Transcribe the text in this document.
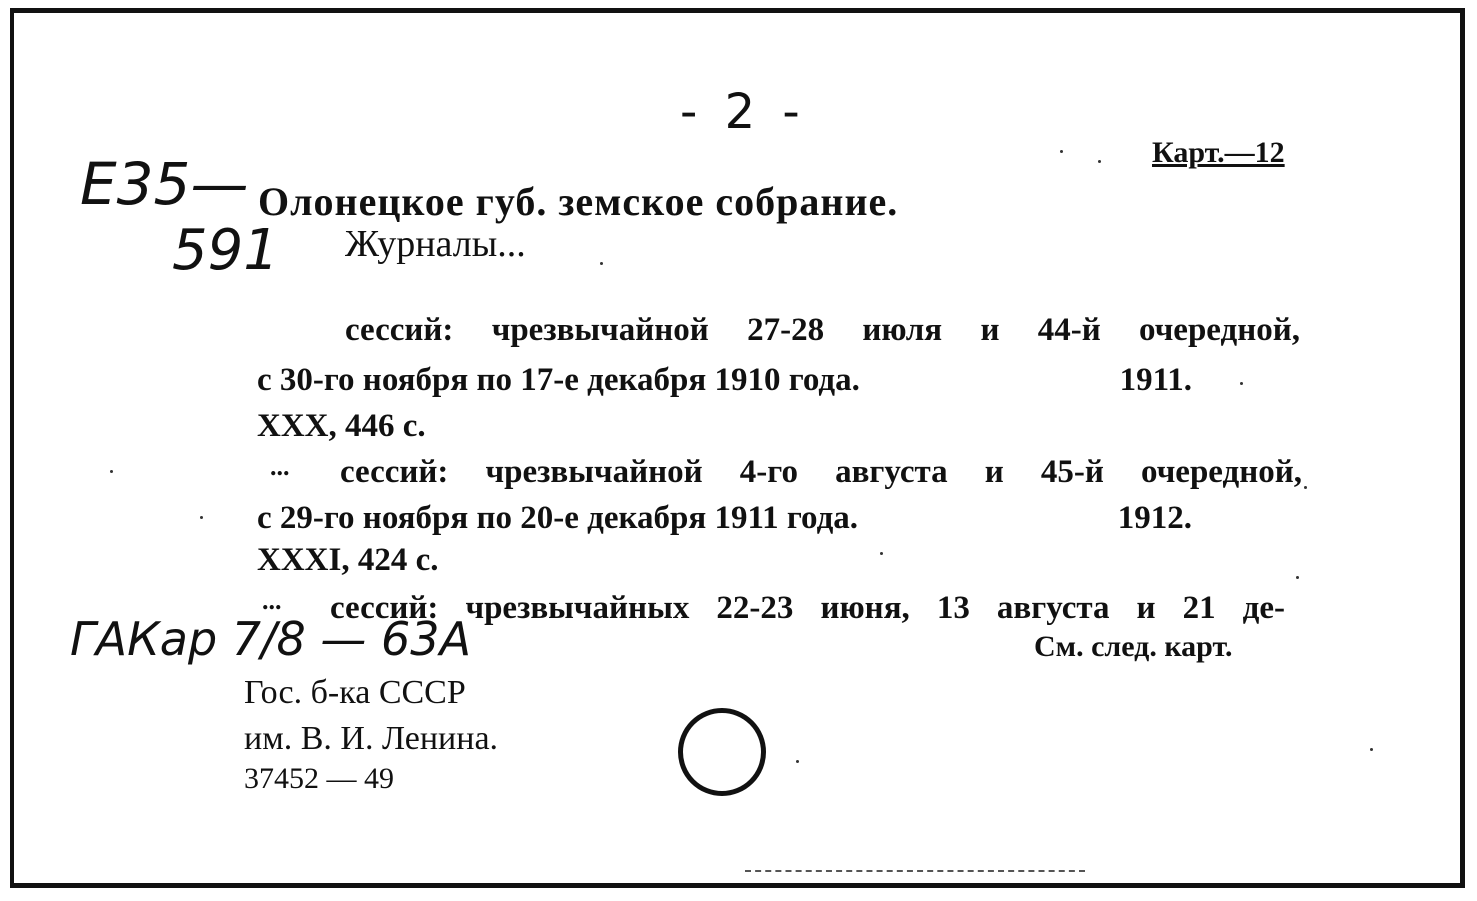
- 2 -
Карт.—12
Е35—
591
Олонецкое губ. земское собрание.
Журналы...
сессий: чрезвычайной 27-28 июля и 44-й очередной,
с 30-го ноября по 17-е декабря 1910 года.	1911.
XXX, 446 с.
... сессий: чрезвычайной 4-го августа и 45-й очередной,
с 29-го ноября по 20-е декабря 1911 года.	1912.
XXXI, 424 с.
... сессий: чрезвычайных 22-23 июня, 13 августа и 21 де-
ГАКар 7/8 — 63А	См. след. карт.
Гос. б-ка СССР
им. В. И. Ленина.
37452 — 49
